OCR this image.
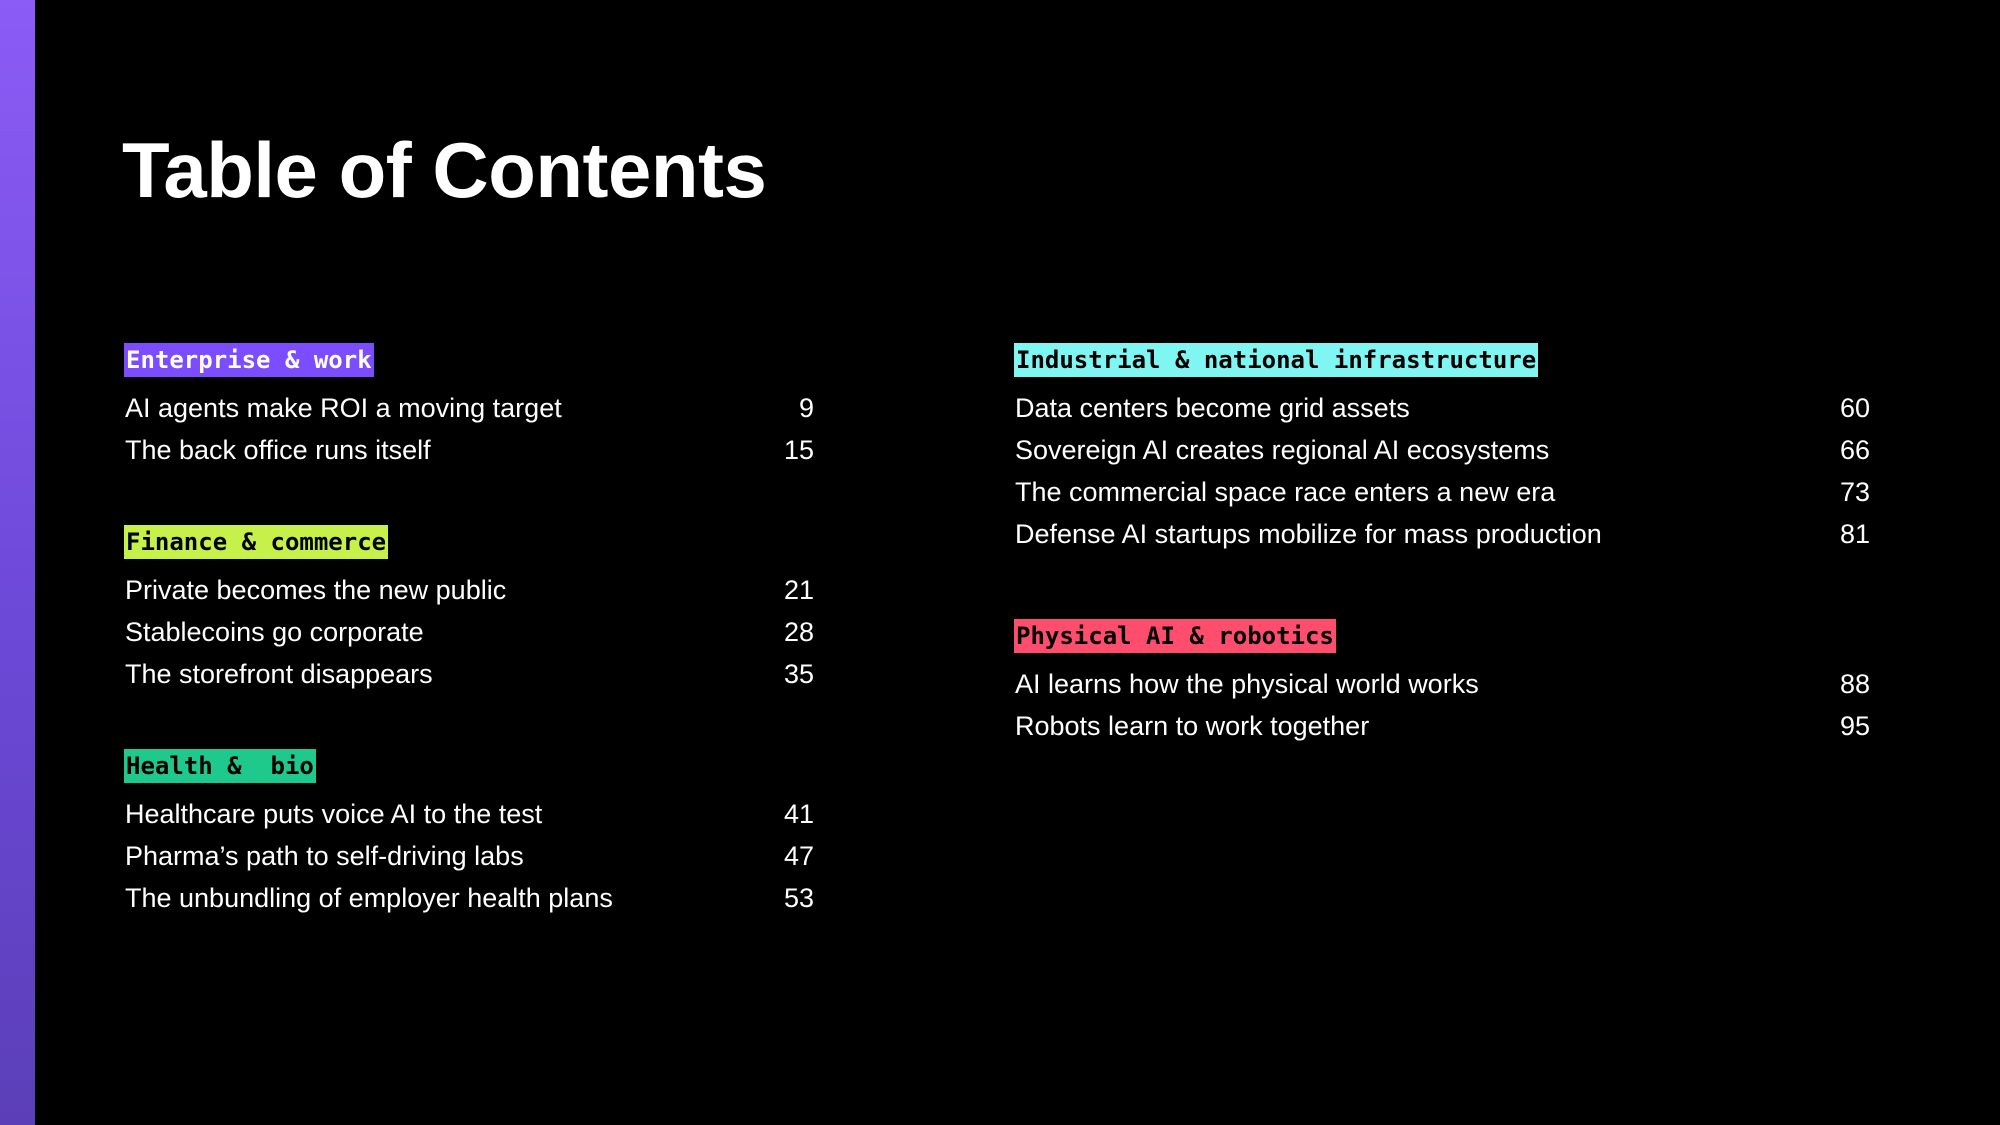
Table of Contents
Enterprise & work
AI agents make ROI a moving target	9
The back office runs itself	15
Finance & commerce
Private becomes the new public	21
Stablecoins go corporate	28
The storefront disappears	35
Health &  bio
Healthcare puts voice AI to the test	41
Pharma’s path to self-driving labs	47
The unbundling of employer health plans	53
Industrial & national infrastructure
Data centers become grid assets	60
Sovereign AI creates regional AI ecosystems	66
The commercial space race enters a new era	73
Defense AI startups mobilize for mass production	81
Physical AI & robotics
AI learns how the physical world works	88
Robots learn to work together	95
